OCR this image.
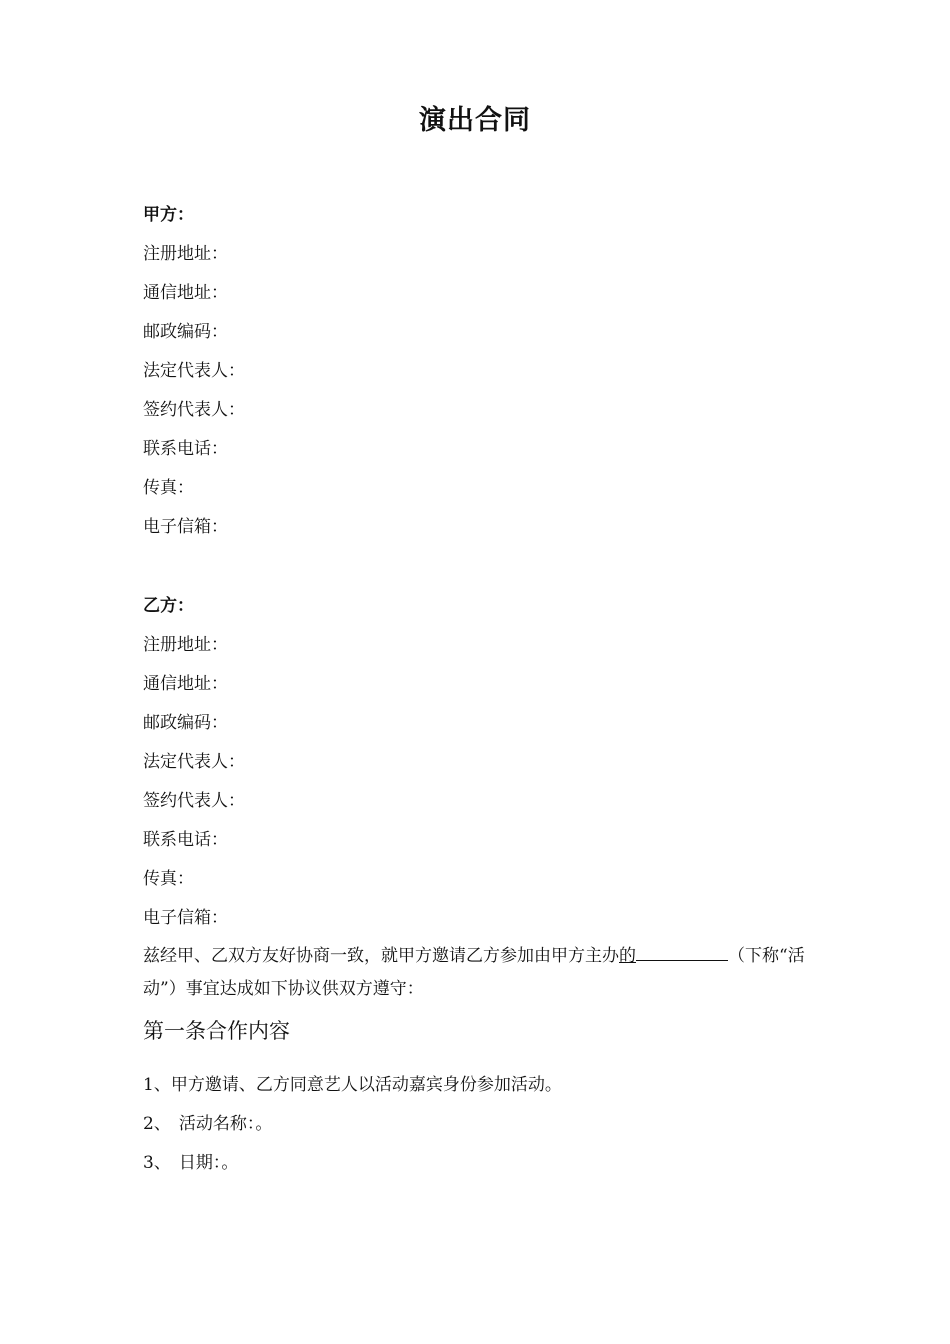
演出合同
甲方：
注册地址：
通信地址：
邮政编码：
法定代表人：
签约代表人：
联系电话：
传真：
电子信箱：
乙方：
注册地址：
通信地址：
邮政编码：
法定代表人：
签约代表人：
联系电话：
传真：
电子信箱：
兹经甲、乙双方友好协商一致，就甲方邀请乙方参加由甲方主办的	（下称“活动”）事宜达成如下协议供双方遵守：
第一条合作内容
1、甲方邀请、乙方同意艺人以活动嘉宾身份参加活动。
2、 活动名称：。
3、 日期：。
